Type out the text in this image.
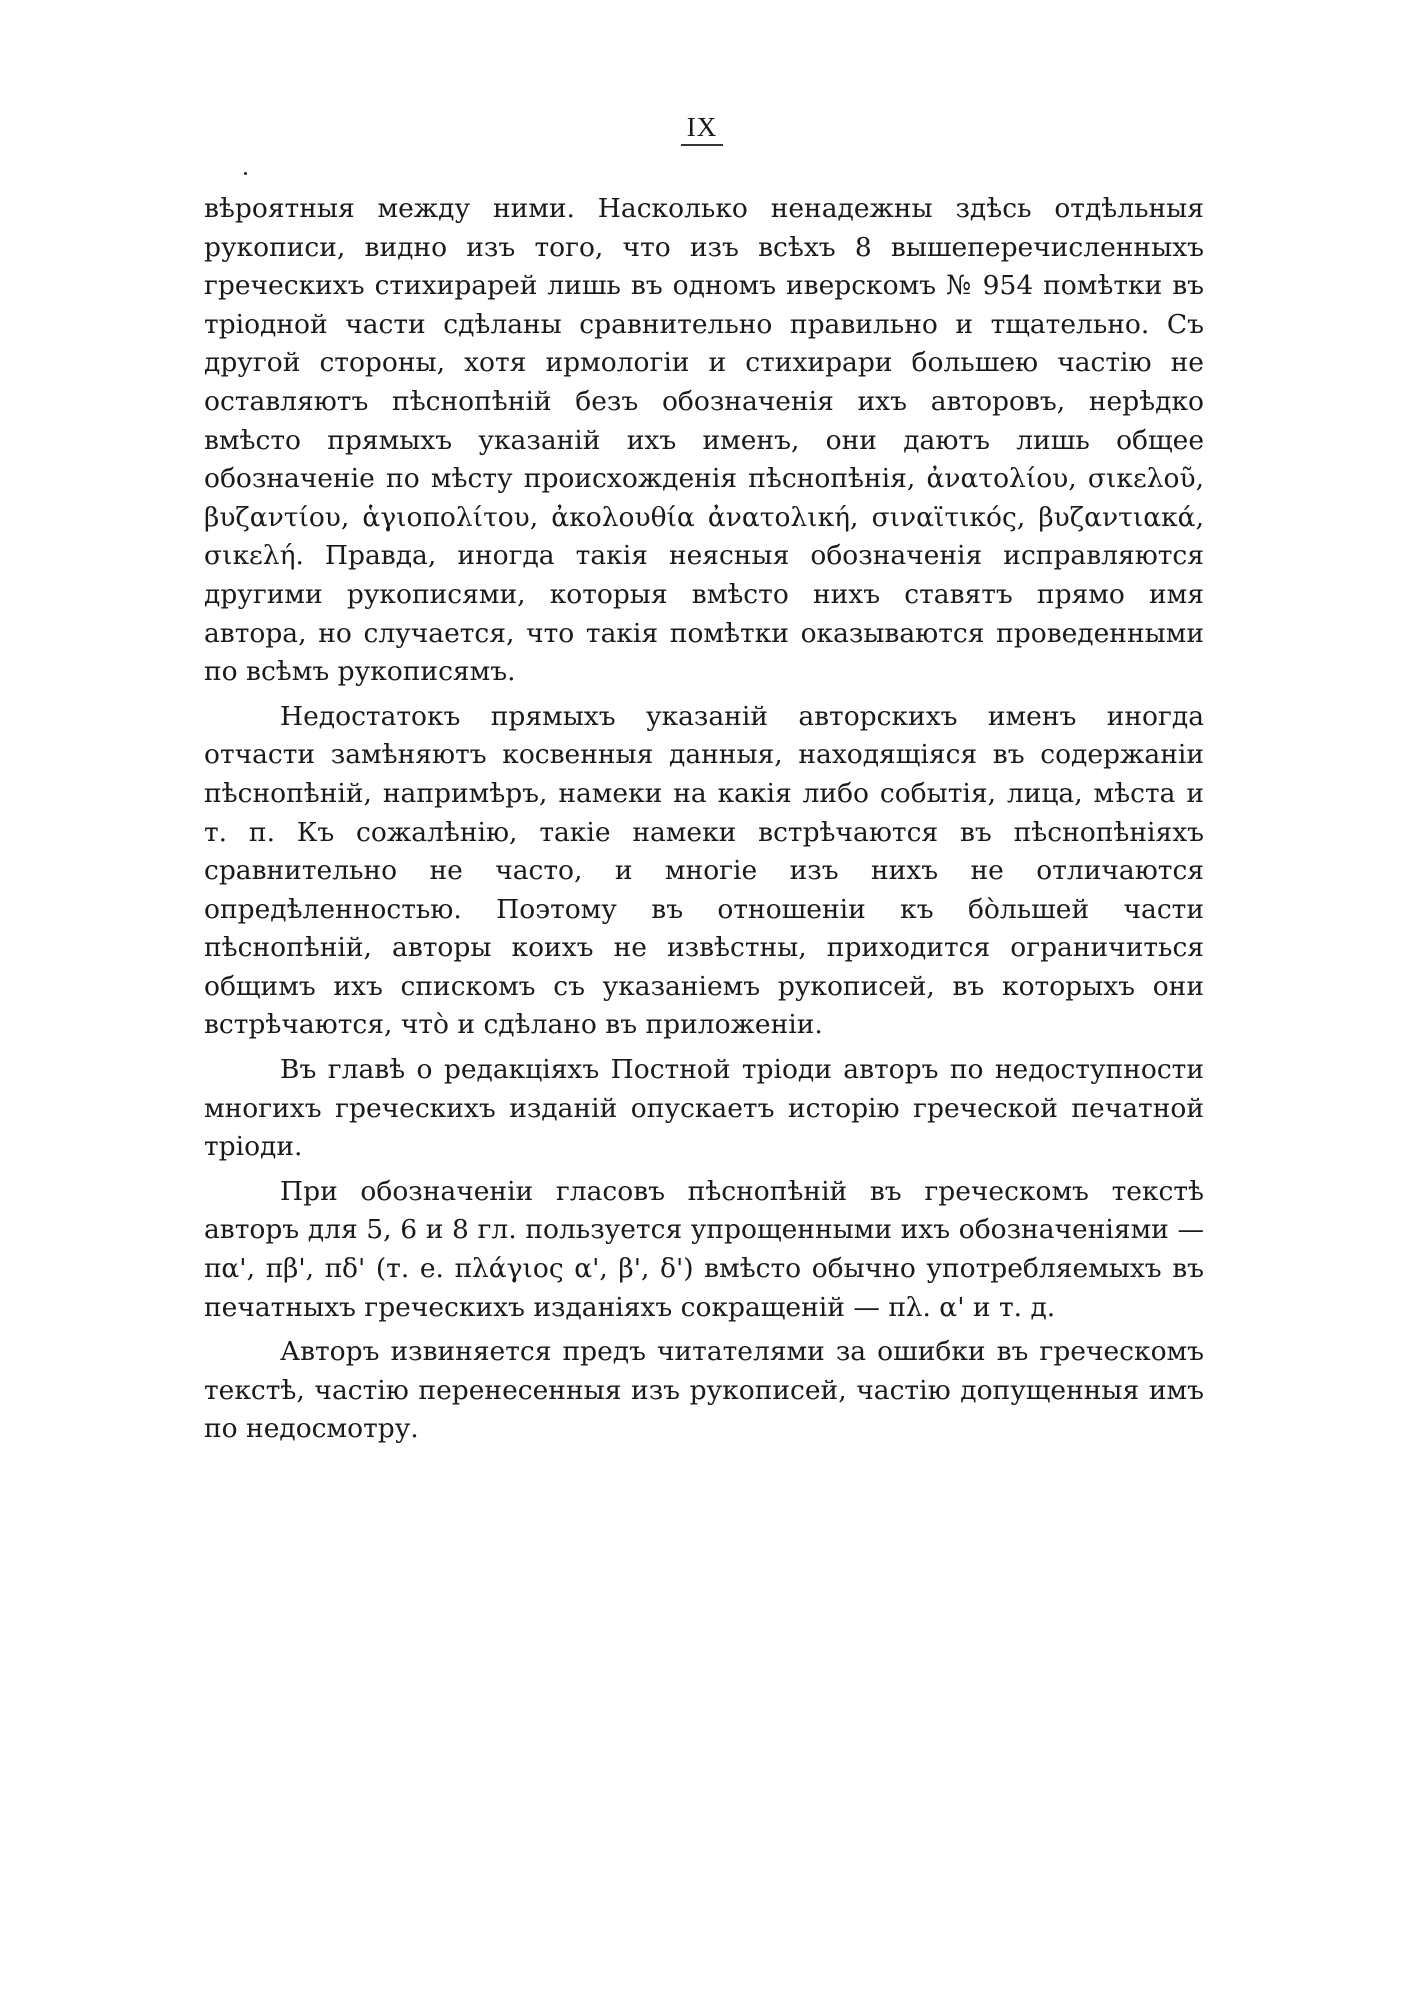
IX

вѣроятныя между ними. Насколько ненадежны здѣсь отдѣльныя рукописи, видно изъ того, что изъ всѣхъ 8 вышеперечисленныхъ греческихъ стихирарей лишь въ одномъ иверскомъ № 954 помѣтки въ тріодной части сдѣланы сравнительно правильно и тщательно. Съ другой стороны, хотя ирмологіи и стихирари большею частію не оставляютъ пѣснопѣній безъ обозначенія ихъ авторовъ, нерѣдко вмѣсто прямыхъ указаній ихъ именъ, они даютъ лишь общее обозначеніе по мѣсту происхожденія пѣснопѣнія, ἀνατολίου, σικελοῦ, βυζαντίου, ἁγιοπολίτου, ἀκολουθία ἀνατολική, σιναϊτικός, βυζαντιακά, σικελή. Правда, иногда такія неясныя обозначенія исправляются другими рукописями, которыя вмѣсто нихъ ставятъ прямо имя автора, но случается, что такія помѣтки оказываются проведенными по всѣмъ рукописямъ.

Недостатокъ прямыхъ указаній авторскихъ именъ иногда отчасти замѣняютъ косвенныя данныя, находящіяся въ содержаніи пѣснопѣній, напримѣръ, намеки на какія либо событія, лица, мѣста и т. п. Къ сожалѣнію, такіе намеки встрѣчаются въ пѣснопѣніяхъ сравнительно не часто, и многіе изъ нихъ не отличаются опредѣленностью. Поэтому въ отношеніи къ бо̀льшей части пѣснопѣній, авторы коихъ не извѣстны, приходится ограничиться общимъ ихъ спискомъ съ указаніемъ рукописей, въ которыхъ они встрѣчаются, что̀ и сдѣлано въ приложеніи.

Въ главѣ о редакціяхъ Постной тріоди авторъ по недоступности многихъ греческихъ изданій опускаетъ исторію греческой печатной тріоди.

При обозначеніи гласовъ пѣснопѣній въ греческомъ текстѣ авторъ для 5, 6 и 8 гл. пользуется упрощенными ихъ обозначеніями — πα', πβ', πδ' (т. е. πλάγιος α', β', δ') вмѣсто обычно употребляемыхъ въ печатныхъ греческихъ изданіяхъ сокращеній — πλ. α' и т. д.

Авторъ извиняется предъ читателями за ошибки въ греческомъ текстѣ, частію перенесенныя изъ рукописей, частію допущенныя имъ по недосмотру.
